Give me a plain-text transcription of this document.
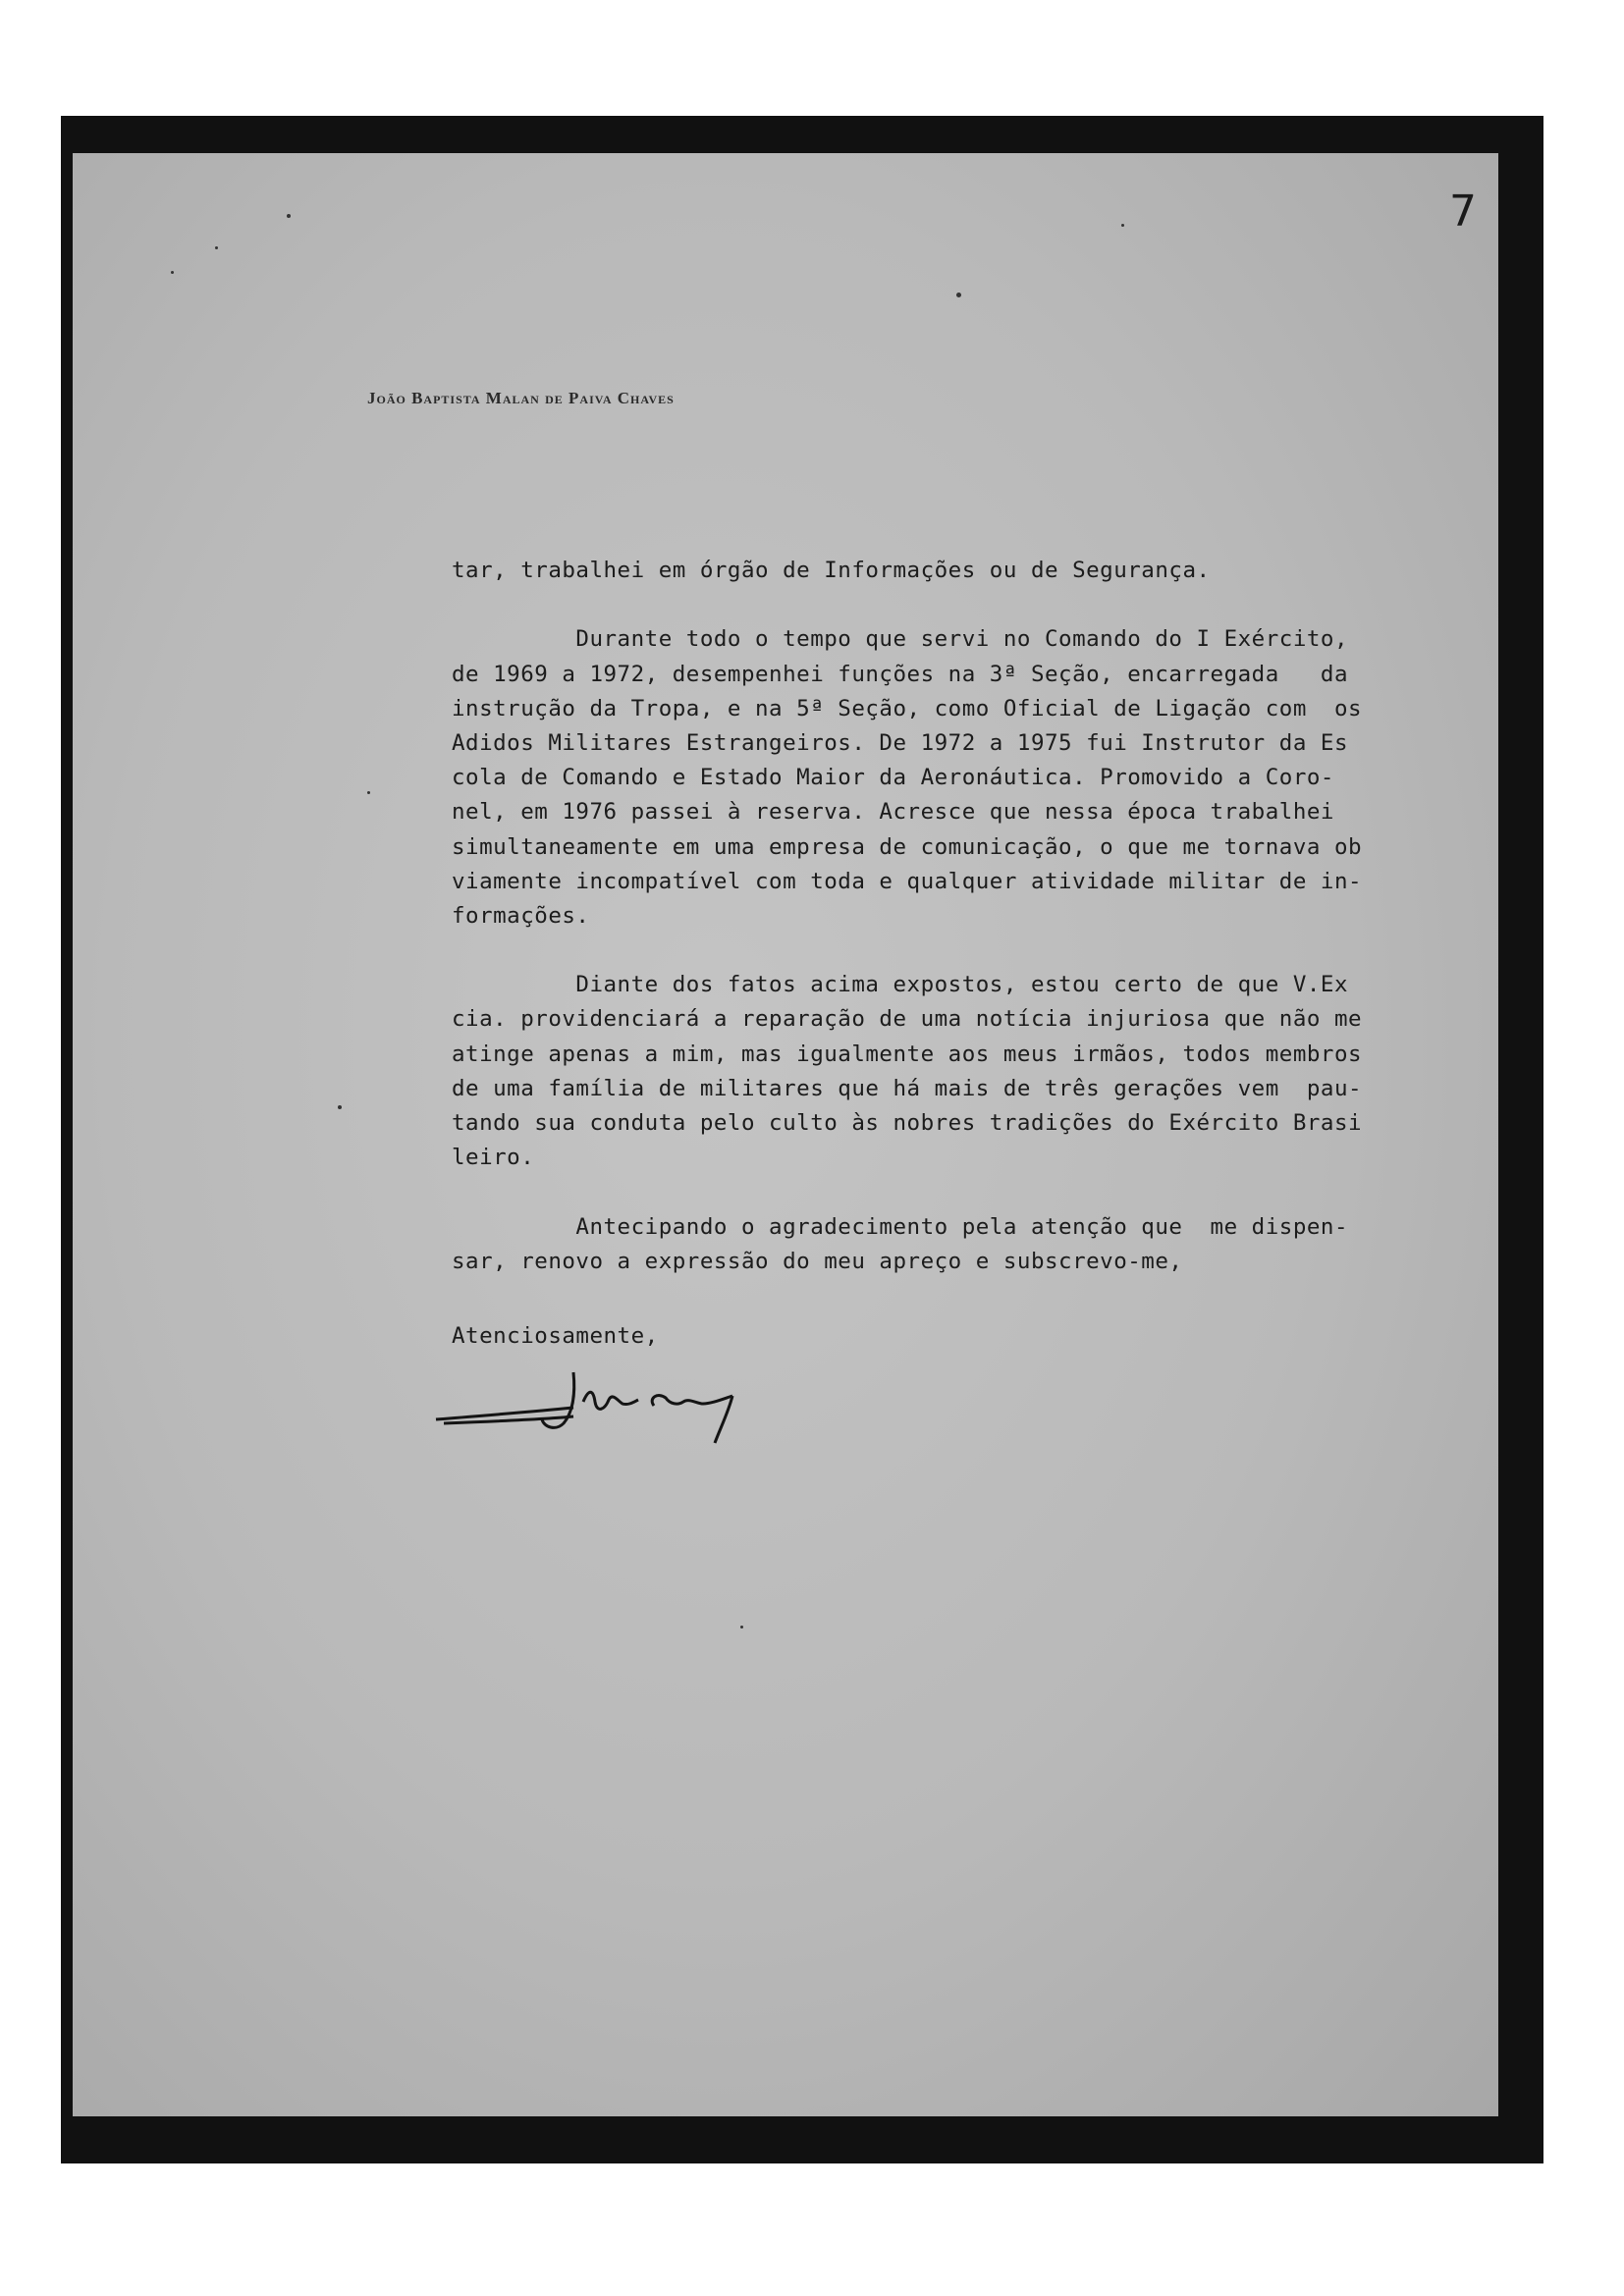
7
João Baptista Malan de Paiva Chaves
tar, trabalhei em órgão de Informações ou de Segurança.
Durante todo o tempo que servi no Comando do I Exército,
de 1969 a 1972, desempenhei funções na 3ª Seção, encarregada   da
instrução da Tropa, e na 5ª Seção, como Oficial de Ligação com  os
Adidos Militares Estrangeiros. De 1972 a 1975 fui Instrutor da Es
cola de Comando e Estado Maior da Aeronáutica. Promovido a Coro-
nel, em 1976 passei à reserva. Acresce que nessa época trabalhei
simultaneamente em uma empresa de comunicação, o que me tornava ob
viamente incompatível com toda e qualquer atividade militar de in-
formações.
Diante dos fatos acima expostos, estou certo de que V.Ex
cia. providenciará a reparação de uma notícia injuriosa que não me
atinge apenas a mim, mas igualmente aos meus irmãos, todos membros
de uma família de militares que há mais de três gerações vem  pau-
tando sua conduta pelo culto às nobres tradições do Exército Brasi
leiro.
Antecipando o agradecimento pela atenção que  me dispen-
sar, renovo a expressão do meu apreço e subscrevo-me,
Atenciosamente,
